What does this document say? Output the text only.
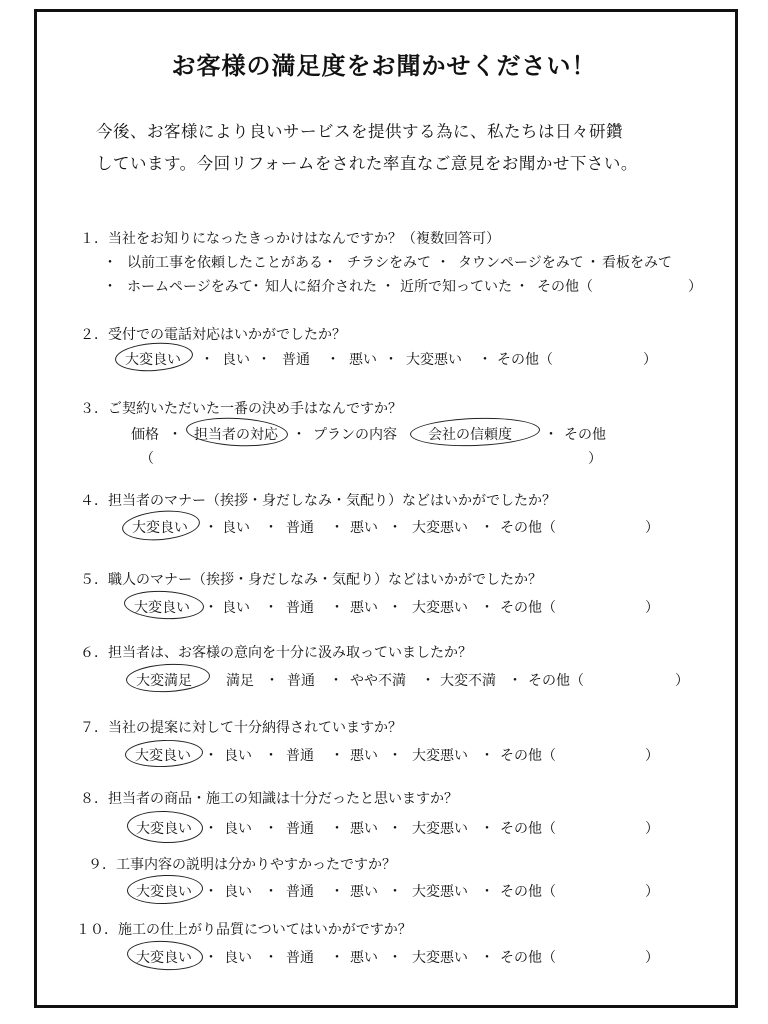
お客様の満足度をお聞かせください！
今後、お客様により良いサービスを提供する為に、私たちは日々研鑽
しています。今回リフォームをされた率直なご意見をお聞かせ下さい。
１．当社をお知りになったきっかけはなんですか？（複数回答可）
・ 以前工事を依頼したことがある ・ チラシをみて ・ タウンページをみて ・ 看板をみて
・ ホームページをみて
・ 知人に紹介された ・ 近所で知っていた ・ その他（	）
２．受付での電話対応はいかがでしたか？
大変良い ・ 良い ・ 普通 ・ 悪い ・ 大変悪い ・ その他（	）
３．ご契約いただいた一番の決め手はなんですか？
価格 ・ 担当者の対応 ・ プランの内容 会社の信頼度 ・ その他
（	）
４．担当者のマナー（挨拶・身だしなみ・気配り）などはいかがでしたか？
大変良い ・ 良い ・ 普通 ・ 悪い ・ 大変悪い ・ その他（	）
５．職人のマナー（挨拶・身だしなみ・気配り）などはいかがでしたか？
大変良い ・ 良い ・ 普通 ・ 悪い ・ 大変悪い ・ その他（	）
６．担当者は、お客様の意向を十分に汲み取っていましたか？
大変満足 満足 ・ 普通 ・ やや不満 ・ 大変不満 ・ その他（	）
７．当社の提案に対して十分納得されていますか？
大変良い ・ 良い ・ 普通 ・ 悪い ・ 大変悪い ・ その他（	）
８．担当者の商品・施工の知識は十分だったと思いますか？
大変良い ・ 良い ・ 普通 ・ 悪い ・ 大変悪い ・ その他（	）
９．工事内容の説明は分かりやすかったですか？
大変良い ・ 良い ・ 普通 ・ 悪い ・ 大変悪い ・ その他（	）
１０．施工の仕上がり品質についてはいかがですか？
大変良い ・ 良い ・ 普通 ・ 悪い ・ 大変悪い ・ その他（	）
